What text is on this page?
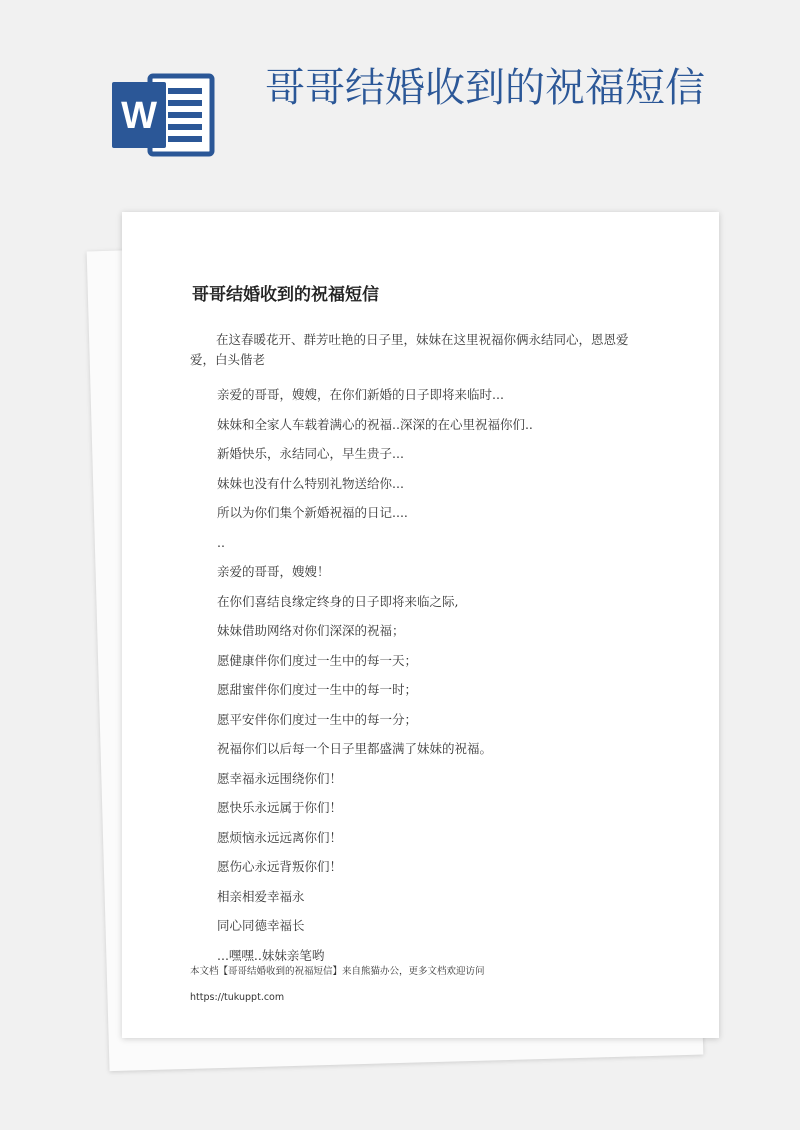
W
哥哥结婚收到的祝福短信
哥哥结婚收到的祝福短信

在这春暖花开、群芳吐艳的日子里，妹妹在这里祝福你俩永结同心，恩恩爱爱，白头偕老

亲爱的哥哥，嫂嫂，在你们新婚的日子即将来临时...

妹妹和全家人车载着满心的祝福..深深的在心里祝福你们..

新婚快乐，永结同心，早生贵子...

妹妹也没有什么特别礼物送给你...

所以为你们集个新婚祝福的日记....

..

亲爱的哥哥，嫂嫂！

在你们喜结良缘定终身的日子即将来临之际,

妹妹借助网络对你们深深的祝福；

愿健康伴你们度过一生中的每一天；

愿甜蜜伴你们度过一生中的每一时；

愿平安伴你们度过一生中的每一分；

祝福你们以后每一个日子里都盛满了妹妹的祝福。

愿幸福永远围绕你们！

愿快乐永远属于你们！

愿烦恼永远远离你们！

愿伤心永远背叛你们！

相亲相爱幸福永

同心同德幸福长

...嘿嘿..妹妹亲笔哟

本文档【哥哥结婚收到的祝福短信】来自熊猫办公，更多文档欢迎访问

https://tukuppt.com
